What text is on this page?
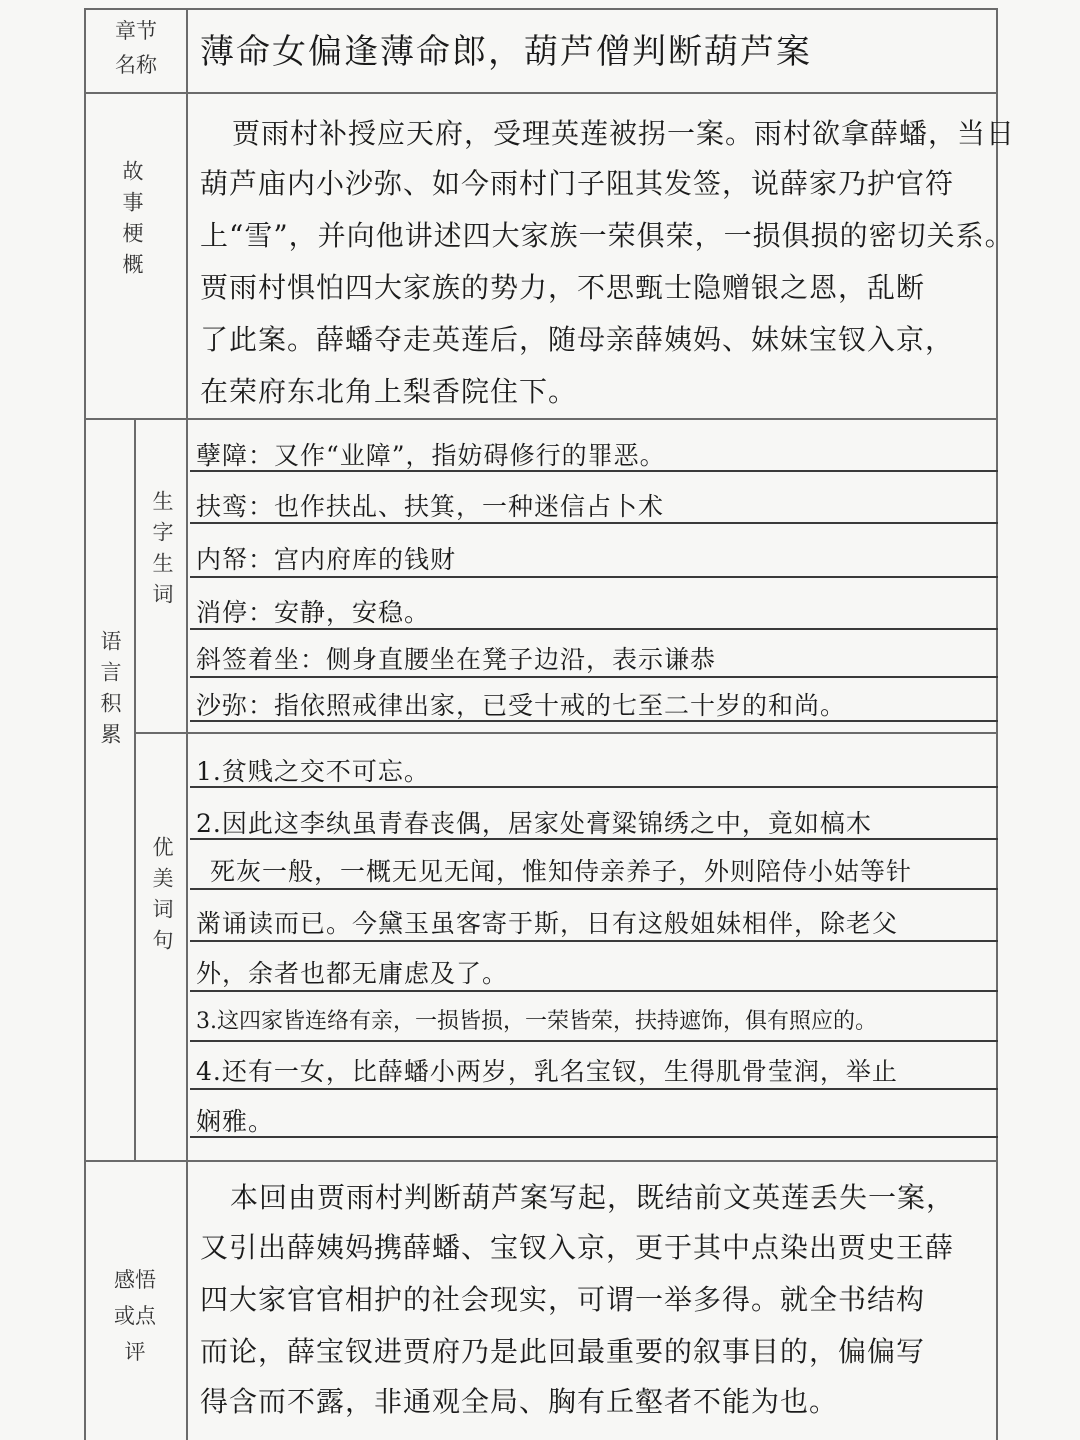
章节名称
故事梗概
语言积累
生字生词
优美词句
感悟或点评
薄命女偏逢薄命郎，葫芦僧判断葫芦案

贾雨村补授应天府，受理英莲被拐一案。雨村欲拿薛蟠，当日

葫芦庙内小沙弥、如今雨村门子阻其发签，说薛家乃护官符

上“雪”，并向他讲述四大家族一荣俱荣，一损俱损的密切关系。

贾雨村惧怕四大家族的势力，不思甄士隐赠银之恩，乱断

了此案。薛蟠夺走英莲后，随母亲薛姨妈、妹妹宝钗入京，

在荣府东北角上梨香院住下。

孽障：又作“业障”，指妨碍修行的罪恶。
扶鸾：也作扶乩、扶箕，一种迷信占卜术
内帑：宫内府库的钱财
消停：安静，安稳。
斜签着坐：侧身直腰坐在凳子边沿，表示谦恭
沙弥：指依照戒律出家，已受十戒的七至二十岁的和尚。
1.贫贱之交不可忘。
2.因此这李纨虽青春丧偶，居家处膏粱锦绣之中，竟如槁木
死灰一般，一概无见无闻，惟知侍亲养子，外则陪侍小姑等针
黹诵读而已。今黛玉虽客寄于斯，日有这般姐妹相伴，除老父
外，余者也都无庸虑及了。
3.这四家皆连络有亲，一损皆损，一荣皆荣，扶持遮饰，俱有照应的。
4.还有一女，比薛蟠小两岁，乳名宝钗，生得肌骨莹润，举止
娴雅。

本回由贾雨村判断葫芦案写起，既结前文英莲丢失一案，

又引出薛姨妈携薛蟠、宝钗入京，更于其中点染出贾史王薛

四大家官官相护的社会现实，可谓一举多得。就全书结构

而论，薛宝钗进贾府乃是此回最重要的叙事目的，偏偏写

得含而不露，非通观全局、胸有丘壑者不能为也。
